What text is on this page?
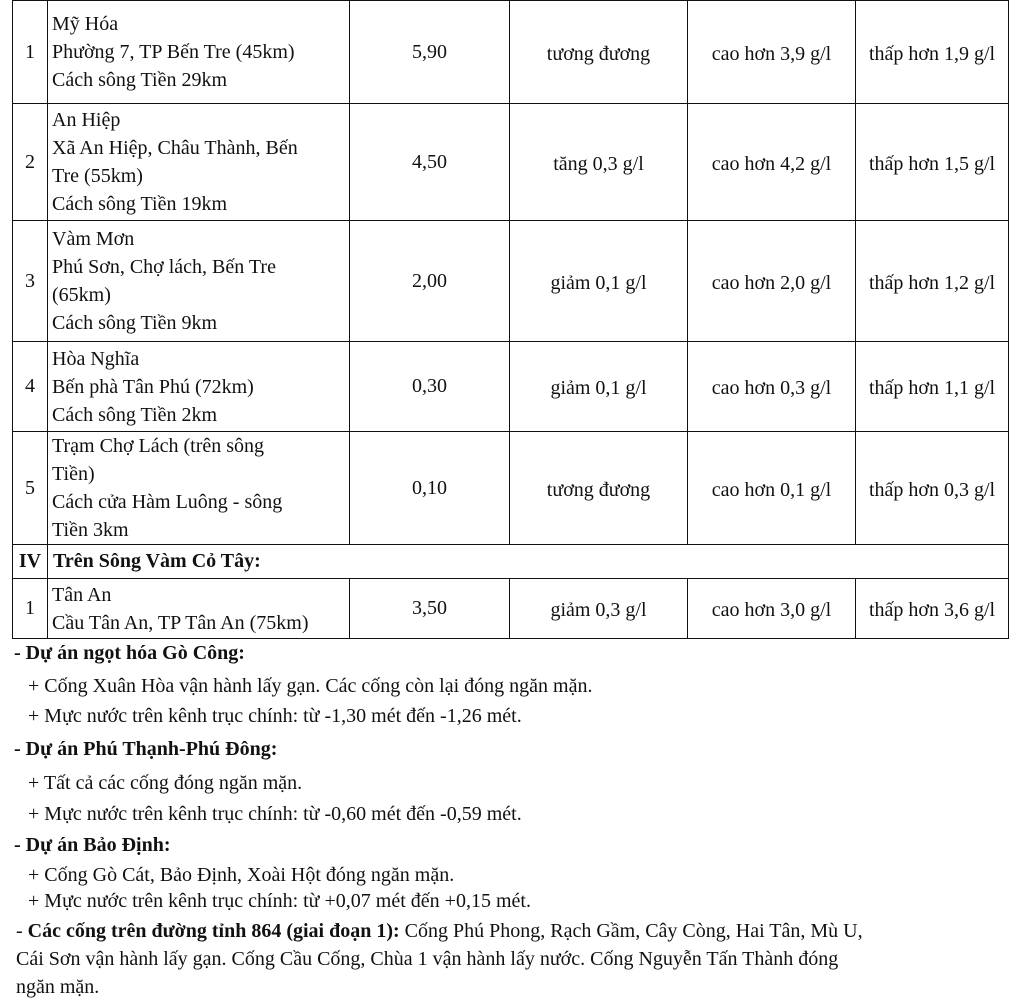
1	Mỹ Hóa
Phường 7, TP Bến Tre (45km)
Cách sông Tiền 29km	5,90	tương đương	cao hơn 3,9 g/l	thấp hơn 1,9 g/l
2	An Hiệp
Xã An Hiệp, Châu Thành, Bến
Tre (55km)
Cách sông Tiền 19km	4,50	tăng 0,3 g/l	cao hơn 4,2 g/l	thấp hơn 1,5 g/l
3	Vàm Mơn
Phú Sơn, Chợ lách, Bến Tre
(65km)
Cách sông Tiền 9km	2,00	giảm 0,1 g/l	cao hơn 2,0 g/l	thấp hơn 1,2 g/l
4	Hòa Nghĩa
Bến phà Tân Phú (72km)
Cách sông Tiền 2km	0,30	giảm 0,1 g/l	cao hơn 0,3 g/l	thấp hơn 1,1 g/l
5	Trạm Chợ Lách (trên sông
Tiền)
Cách cửa Hàm Luông - sông
Tiền 3km	0,10	tương đương	cao hơn 0,1 g/l	thấp hơn 0,3 g/l
IV	Trên Sông Vàm Cỏ Tây:				
1	Tân An
Cầu Tân An, TP Tân An (75km)	3,50	giảm 0,3 g/l	cao hơn 3,0 g/l	thấp hơn 3,6 g/l
- Dự án ngọt hóa Gò Công:
+ Cống Xuân Hòa vận hành lấy gạn. Các cống còn lại đóng ngăn mặn.
+ Mực nước trên kênh trục chính: từ -1,30 mét đến -1,26 mét.
- Dự án Phú Thạnh-Phú Đông:
+ Tất cả các cống đóng ngăn mặn.
+ Mực nước trên kênh trục chính: từ -0,60 mét đến -0,59 mét.
- Dự án Bảo Định:
+ Cống Gò Cát, Bảo Định, Xoài Hột đóng ngăn mặn.
+ Mực nước trên kênh trục chính: từ +0,07 mét đến +0,15 mét.
- Các cống trên đường tỉnh 864 (giai đoạn 1): Cống Phú Phong, Rạch Gầm, Cây Còng, Hai Tân, Mù U,
Cái Sơn vận hành lấy gạn. Cống Cầu Cống, Chùa 1 vận hành lấy nước. Cống Nguyễn Tấn Thành đóng
ngăn mặn.
